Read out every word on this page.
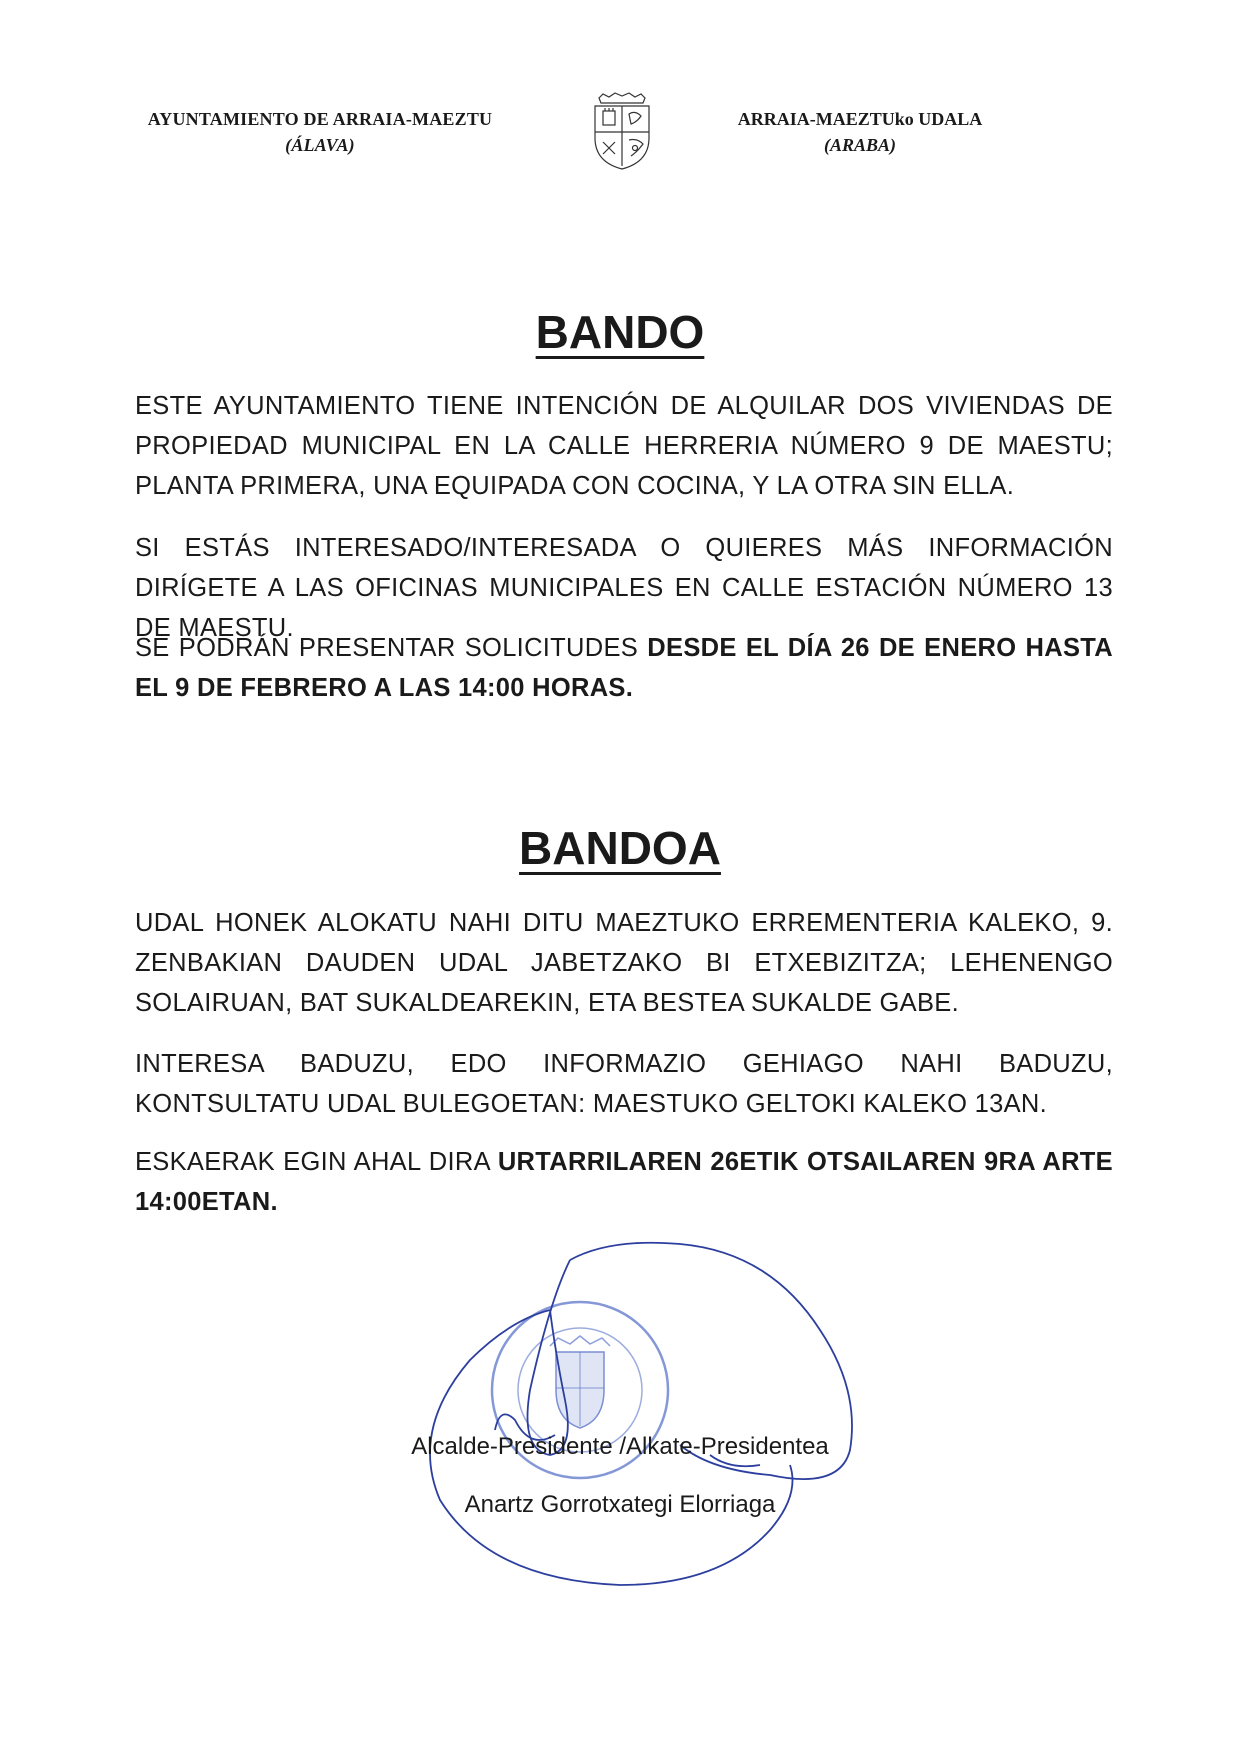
AYUNTAMIENTO DE ARRAIA-MAEZTU
(ÁLAVA)
ARRAIA-MAEZTUko UDALA
(ARABA)
BANDO

ESTE AYUNTAMIENTO TIENE INTENCIÓN DE ALQUILAR DOS VIVIENDAS DE PROPIEDAD MUNICIPAL EN LA CALLE HERRERIA NÚMERO 9 DE MAESTU; PLANTA PRIMERA, UNA EQUIPADA CON COCINA, Y LA OTRA SIN ELLA.

SI ESTÁS INTERESADO/INTERESADA O QUIERES MÁS INFORMACIÓN DIRÍGETE A LAS OFICINAS MUNICIPALES EN CALLE ESTACIÓN NÚMERO 13 DE MAESTU.

SE PODRÁN PRESENTAR SOLICITUDES DESDE EL DÍA 26 DE ENERO HASTA EL 9 DE FEBRERO A LAS 14:00 HORAS.

BANDOA

UDAL HONEK ALOKATU NAHI DITU MAEZTUKO ERREMENTERIA KALEKO, 9. ZENBAKIAN DAUDEN UDAL JABETZAKO BI ETXEBIZITZA; LEHENENGO SOLAIRUAN, BAT SUKALDEAREKIN, ETA BESTEA SUKALDE GABE.

INTERESA BADUZU, EDO INFORMAZIO GEHIAGO NAHI BADUZU, KONTSULTATU UDAL BULEGOETAN: MAESTUKO GELTOKI KALEKO 13AN.

ESKAERAK EGIN AHAL DIRA URTARRILAREN 26ETIK OTSAILAREN 9RA ARTE 14:00ETAN.

Alcalde-Presidente /Alkate-Presidentea
Anartz Gorrotxategi Elorriaga
